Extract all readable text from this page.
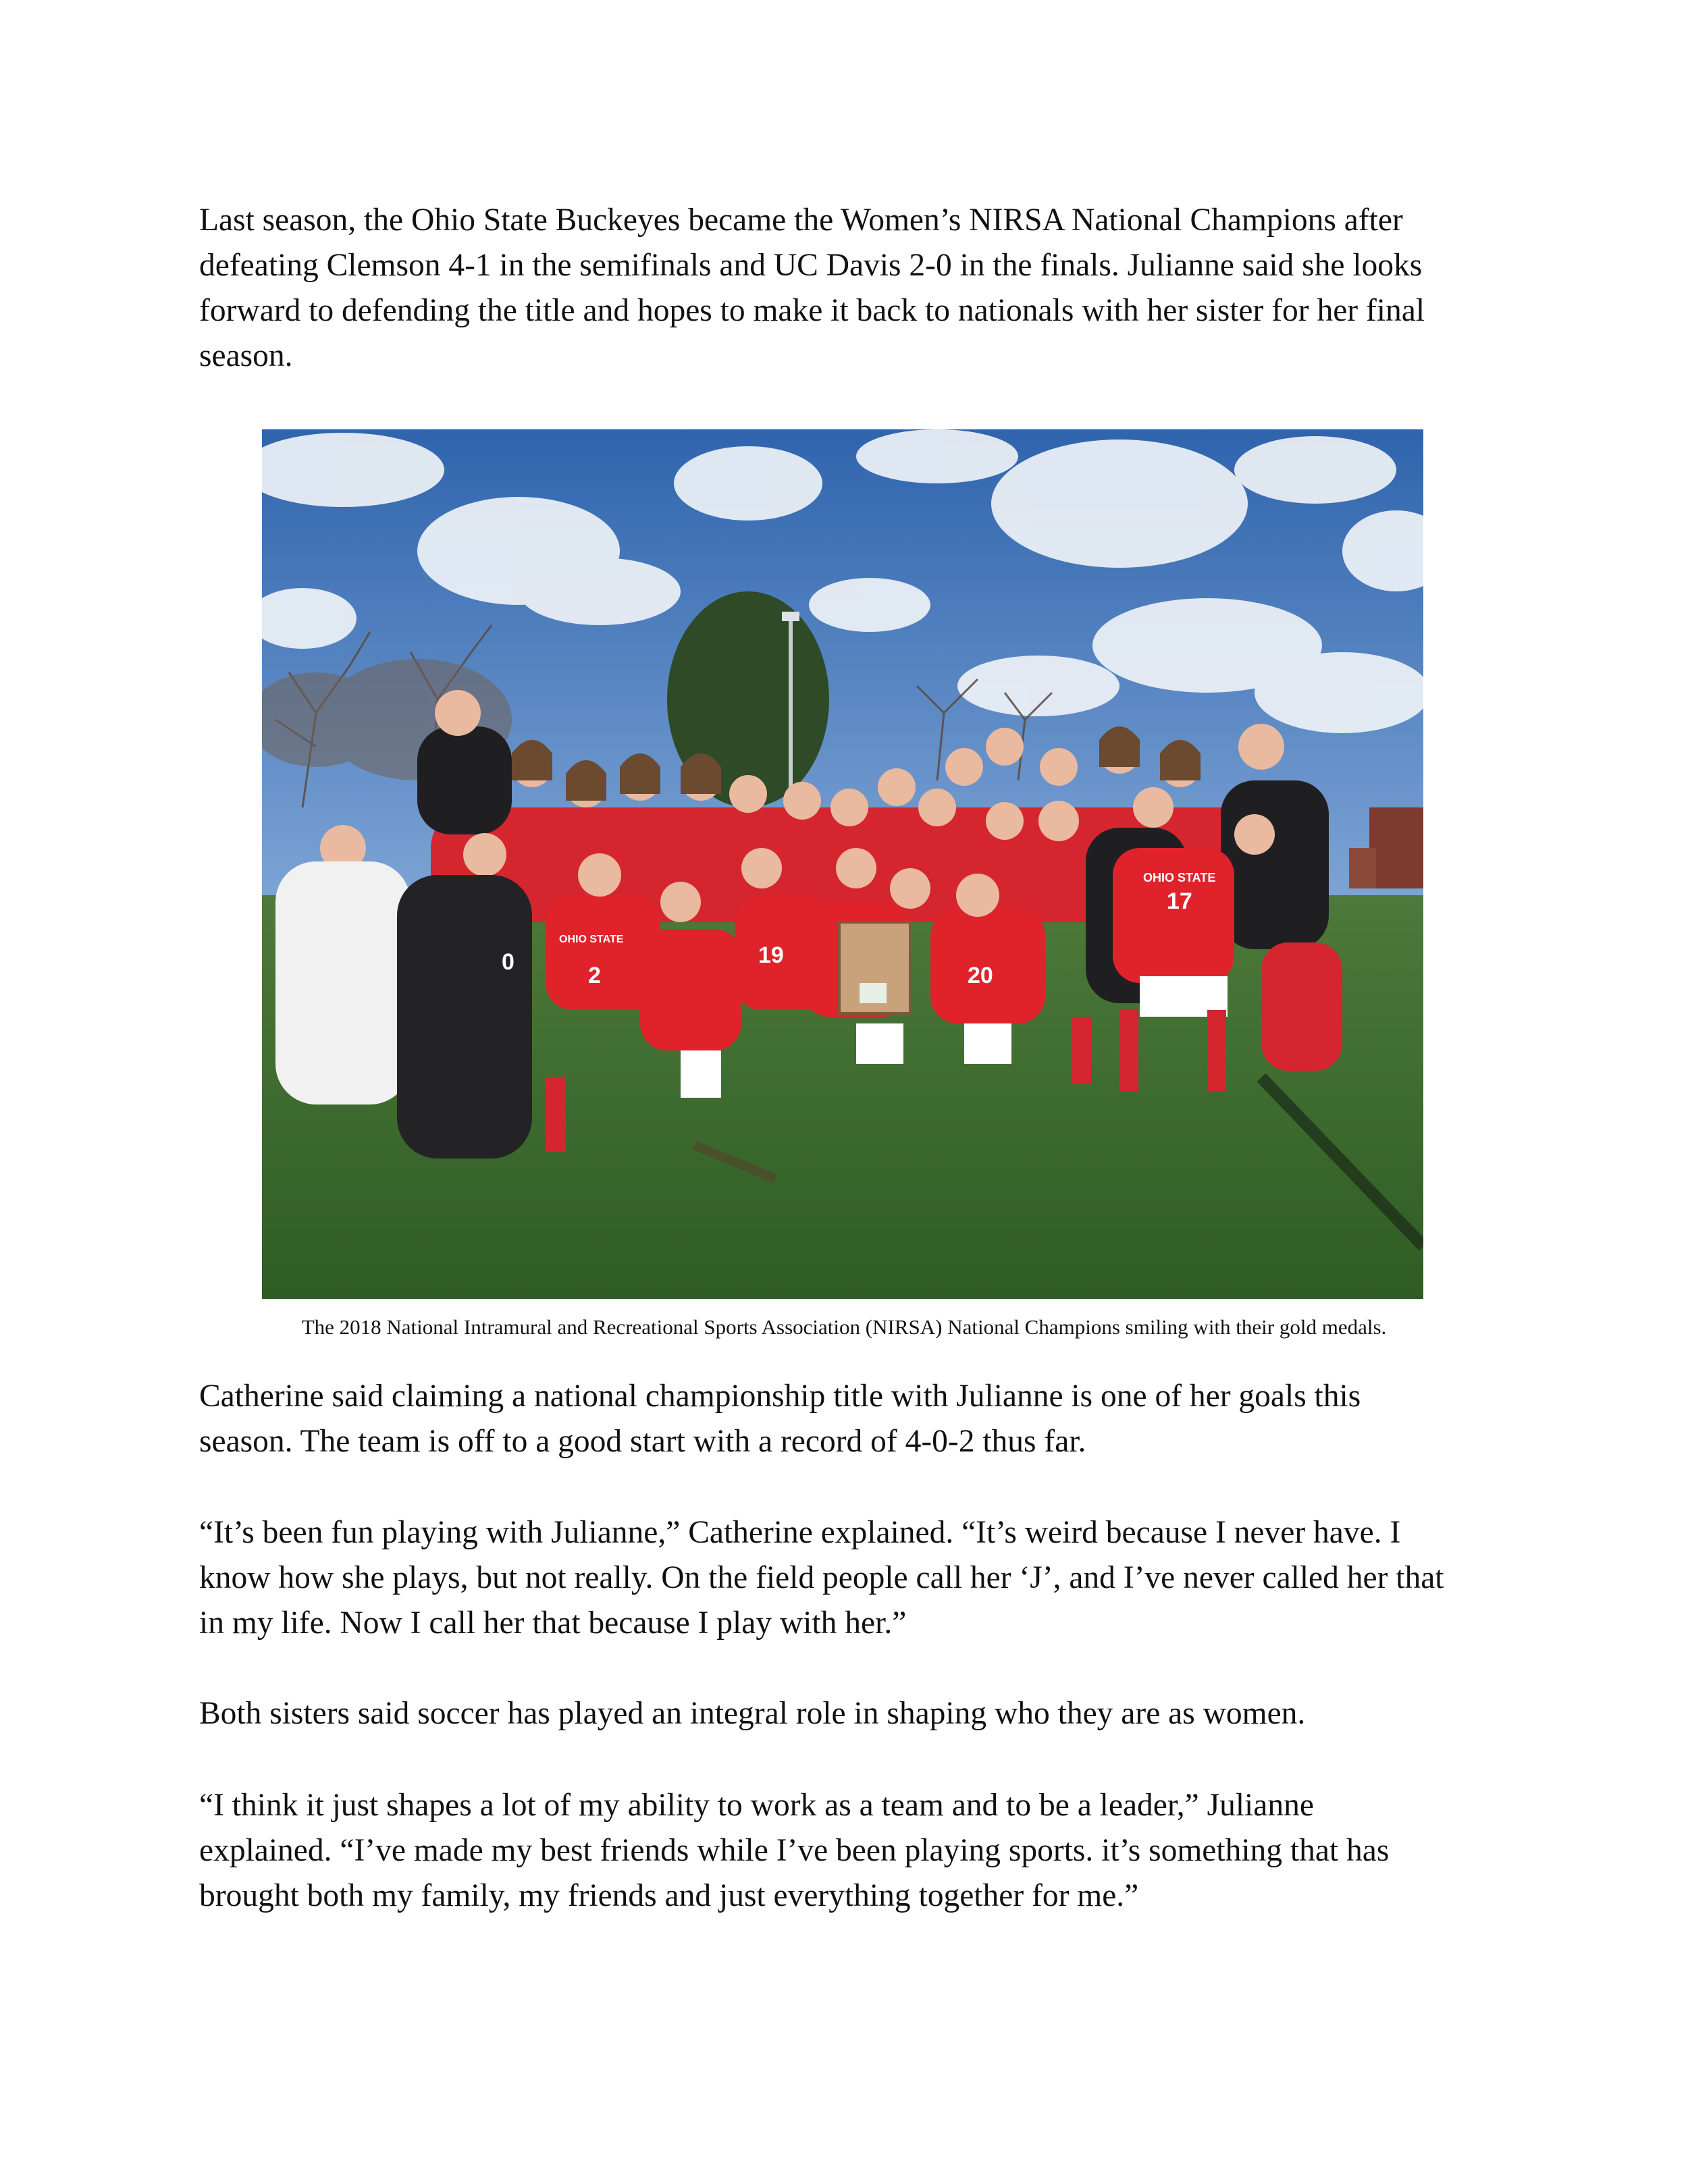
Last season, the Ohio State Buckeyes became the Women’s NIRSA National Champions after
defeating Clemson 4-1 in the semifinals and UC Davis 2-0 in the finals. Julianne said she looks
forward to defending the title and hopes to make it back to nationals with her sister for her final
season.

2
19
20
17
0
OHIO STATE
OHIO STATE
The 2018 National Intramural and Recreational Sports Association (NIRSA) National Champions smiling with their gold medals.

Catherine said claiming a national championship title with Julianne is one of her goals this
season. The team is off to a good start with a record of 4-0-2 thus far.

“It’s been fun playing with Julianne,” Catherine explained. “It’s weird because I never have. I
know how she plays, but not really. On the field people call her ‘J’, and I’ve never called her that
in my life. Now I call her that because I play with her.”

Both sisters said soccer has played an integral role in shaping who they are as women.

“I think it just shapes a lot of my ability to work as a team and to be a leader,” Julianne
explained. “I’ve made my best friends while I’ve been playing sports. it’s something that has
brought both my family, my friends and just everything together for me.”
